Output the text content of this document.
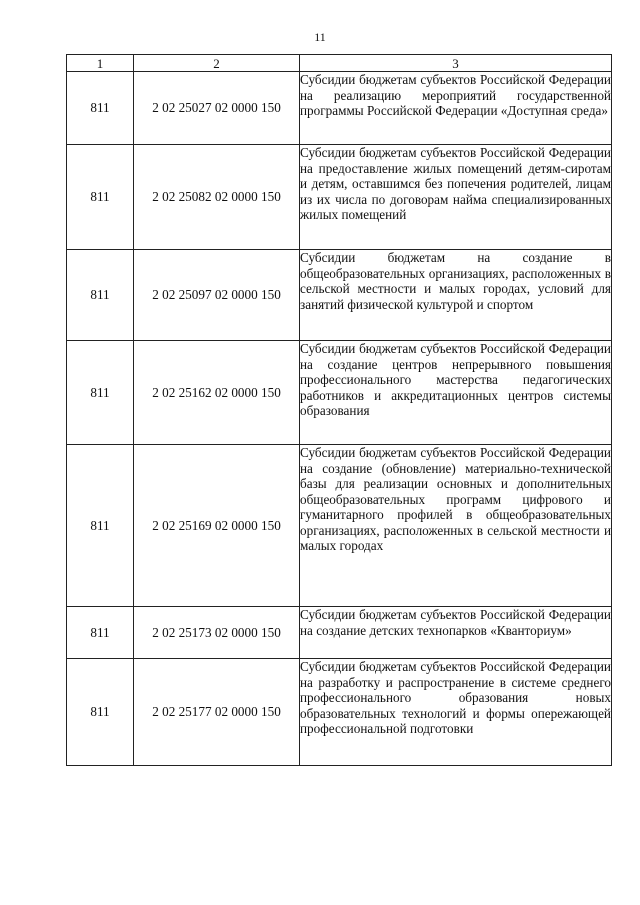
11
1	2	3
811	2 02 25027 02 0000 150	Субсидии бюджетам субъектов Российской Федерации на реализацию мероприятий государственной программы Российской Федерации «Доступная среда»

811	2 02 25082 02 0000 150	Субсидии бюджетам субъектов Российской Федерации на предоставление жилых помещений детям-сиротам и детям, оставшимся без попечения родителей, лицам из их числа по договорам найма специализированных жилых помещений

811	2 02 25097 02 0000 150	Субсидии бюджетам на создание в общеобразовательных организациях, расположенных в сельской местности и малых городах, условий для занятий физической культурой и спортом

811	2 02 25162 02 0000 150	Субсидии бюджетам субъектов Российской Федерации на создание центров непрерывного повышения профессионального мастерства педагогических работников и аккредитационных центров системы образования

811	2 02 25169 02 0000 150	Субсидии бюджетам субъектов Российской Федерации на создание (обновление) материально-технической базы для реализации основных и дополнительных общеобразовательных программ цифрового и гуманитарного профилей в общеобразовательных организациях, расположенных в сельской местности и малых городах

811	2 02 25173 02 0000 150	Субсидии бюджетам субъектов Российской Федерации на создание детских технопарков «Кванториум»

811	2 02 25177 02 0000 150	Субсидии бюджетам субъектов Российской Федерации на разработку и распространение в системе среднего профессионального образования новых образовательных технологий и формы опережающей профессиональной подготовки
